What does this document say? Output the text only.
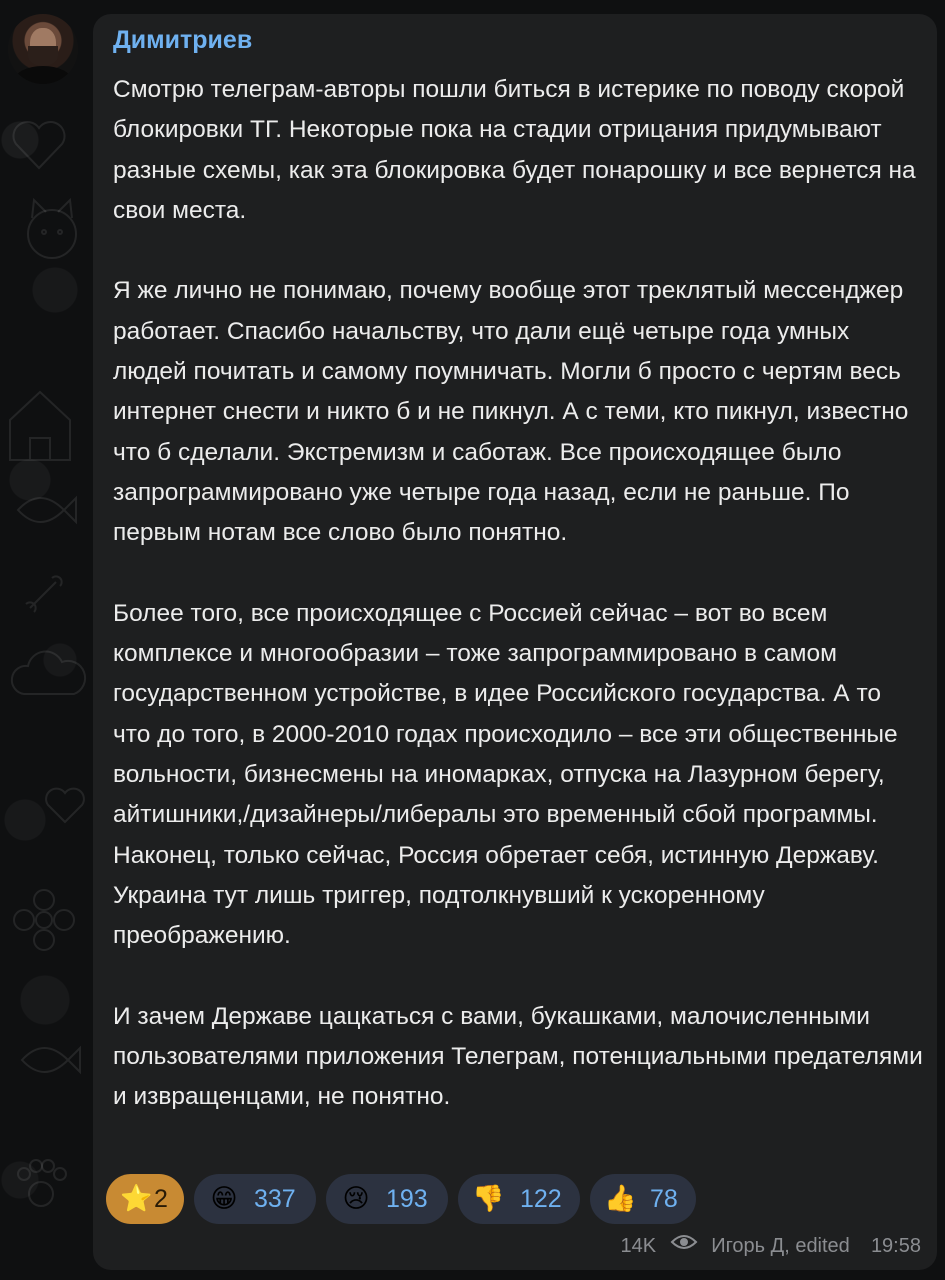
Димитриев

Смотрю телеграм-авторы пошли биться в истерике по поводу скорой блокировки ТГ. Некоторые пока на стадии отрицания придумывают разные схемы, как эта блокировка будет понарошку и все вернется на свои места.

Я же лично не понимаю, почему вообще этот треклятый мессенджер работает. Спасибо начальству, что дали ещё четыре года умных людей почитать и самому поумничать. Могли б просто с чертям весь интернет снести и никто б и не пикнул. А с теми, кто пикнул, известно что б сделали. Экстремизм и саботаж. Все происходящее было запрограммировано уже четыре года назад, если не раньше. По первым нотам все слово было понятно.

Более того, все происходящее с Россией сейчас – вот во всем комплексе и многообразии – тоже запрограммировано в самом государственном устройстве, в идее Российского государства. А то что до того, в 2000-2010 годах происходило – все эти общественные вольности, бизнесмены на иномарках, отпуска на Лазурном берегу, айтишники,/дизайнеры/либералы это временный сбой программы. Наконец, только сейчас, Россия обретает себя, истинную Державу. Украина тут лишь триггер, подтолкнувший к ускоренному преображению.

И зачем Державе цацкаться с вами, букашками, малочисленными пользователями приложения Телеграм, потенциальными предателями и извращенцами, не понятно.

⭐ 2 😁 337 😢 193 👎 122 👍 78
14K	Игорь Д, edited 19:58
